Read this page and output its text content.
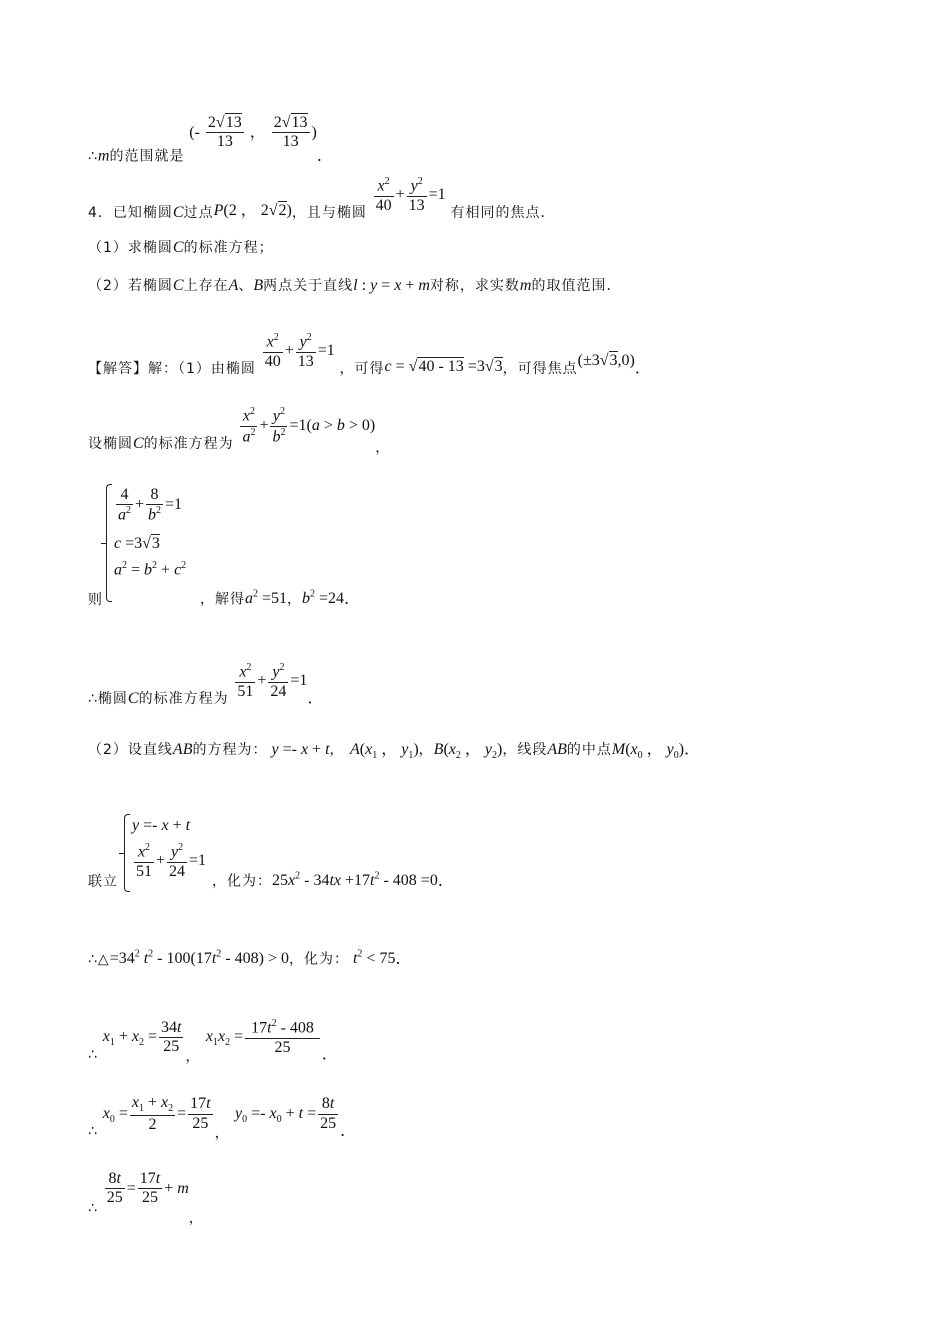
∴m的范围就是 (- $\frac{2√13}{13}$ ， $\frac{2√13}{13}$ )．
4．已知椭圆C过点P(2 ， 2√2)，且与椭圆 $\frac{x^2}{40} + \frac{y^2}{13} =1$ 有相同的焦点．
（1）求椭圆C的标准方程；
（2）若椭圆C上存在A、B两点关于直线l : y = x + m对称，求实数m的取值范围．
【解答】解：（1）由椭圆 $\frac{x^2}{40} + \frac{y^2}{13} =1$ ，可得c = √40 - 13 =3√3，可得焦点(±3√3,0)．
设椭圆C的标准方程为 $\frac{x^2}{a^2} + \frac{y^2}{b^2} =1(a > b > 0)$，
$\frac{4}{a^2} + \frac{8}{b^2} =1$
c =3√3
$a^2 = b^2 + c^2$
则	，解得$a^2 =51$，$b^2 =24$．
∴椭圆C的标准方程为 $\frac{x^2}{51} + \frac{y^2}{24} =1$．
（2）设直线AB的方程为： y =- x + t， $A(x_1$ ， $y_1$)，$B(x_2$ ， $y_2$)，线段AB的中点$M(x_0$ ， $y_0$)．
y =- x + t
$\frac{x^2}{51} + \frac{y^2}{24} =1$
联立	，化为：$25x^2 - 34tx +17t^2 - 408 =0$．
$\therefore\triangle=34^2$ $t^2 - 100(17t^2 - 408) > 0$，化为： $t^2 < 75$．
∴ $x_1 + x_2 = \frac{34t}{25}$
， $x_1x_2 = \frac{17t^2 - 408}{25}$ ．
∴ $x_0 = \frac{x_1 + x_2}{2} = \frac{17t}{25}$
， $y_0 =- x_0 + t = \frac{8t}{25}$ ．
∴
$\frac{8t}{25} = \frac{17t}{25} + m$，
